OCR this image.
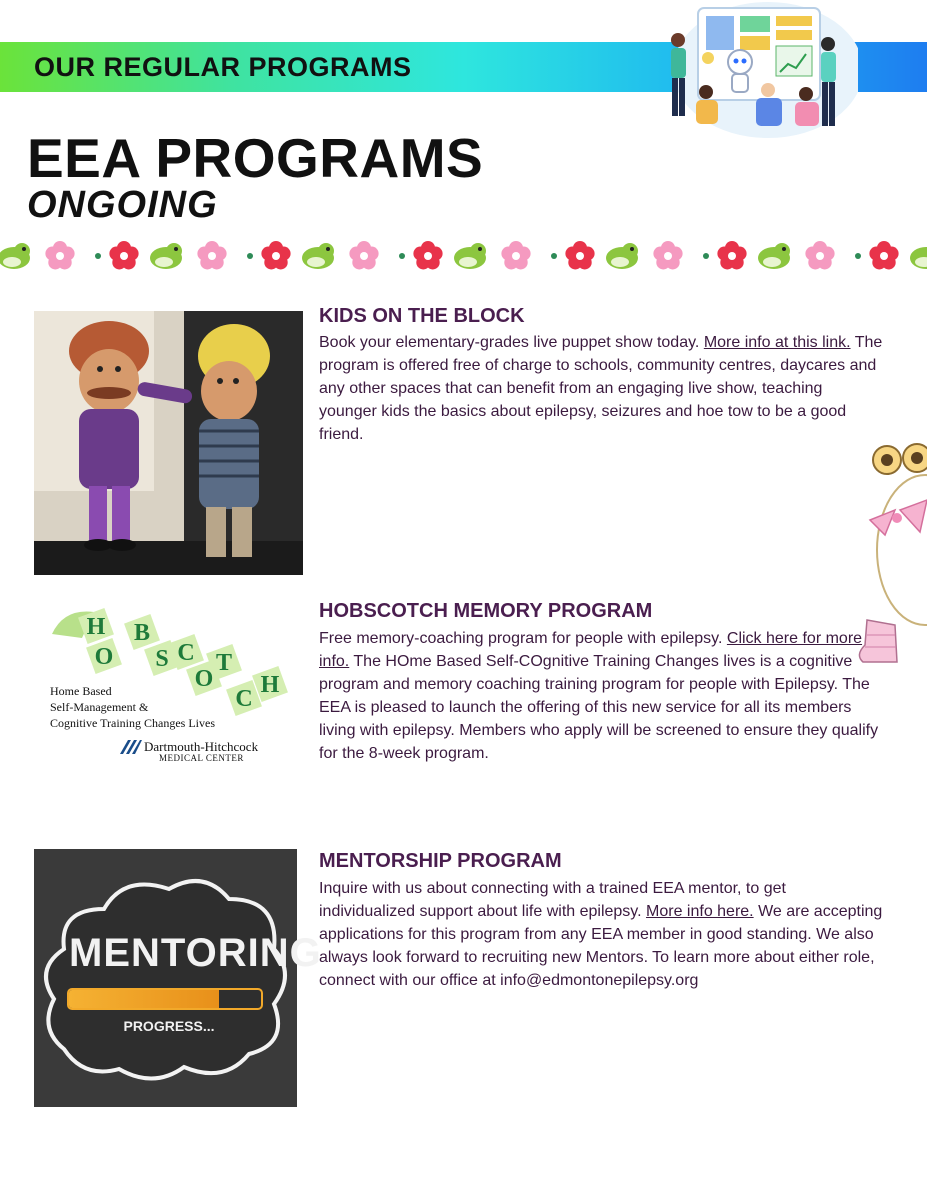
OUR REGULAR PROGRAMS
EEA PROGRAMS
ONGOING
KIDS ON THE BLOCK
Book your elementary-grades live puppet show today. More info at this link. The program is offered free of charge to schools, community centres, daycares and any other spaces that can benefit from an engaging live show, teaching younger kids the basics about epilepsy, seizures and hoe tow to be a good friend.
H
O
B
S C
O
T
C
H
Home Based
Self-Management &
Cognitive Training Changes Lives
Dartmouth-Hitchcock
MEDICAL CENTER
HOBSCOTCH MEMORY PROGRAM
Free memory-coaching program for people with epilepsy. Click here for more info. The HOme Based Self-COgnitive Training Changes lives is a cognitive program and memory coaching training program for people with Epilepsy. The EEA is pleased to launch the offering of this new service for all its members living with epilepsy. Members who apply will be screened to ensure they qualify for the 8-week program.
MENTORING
PROGRESS...
MENTORSHIP PROGRAM
Inquire with us about connecting with a trained EEA mentor, to get individualized support about life with epilepsy. More info here. We are accepting applications for this program from any EEA member in good standing. We also always look forward to recruiting new Mentors. To learn more about either role, connect with our office at info@edmontonepilepsy.org
